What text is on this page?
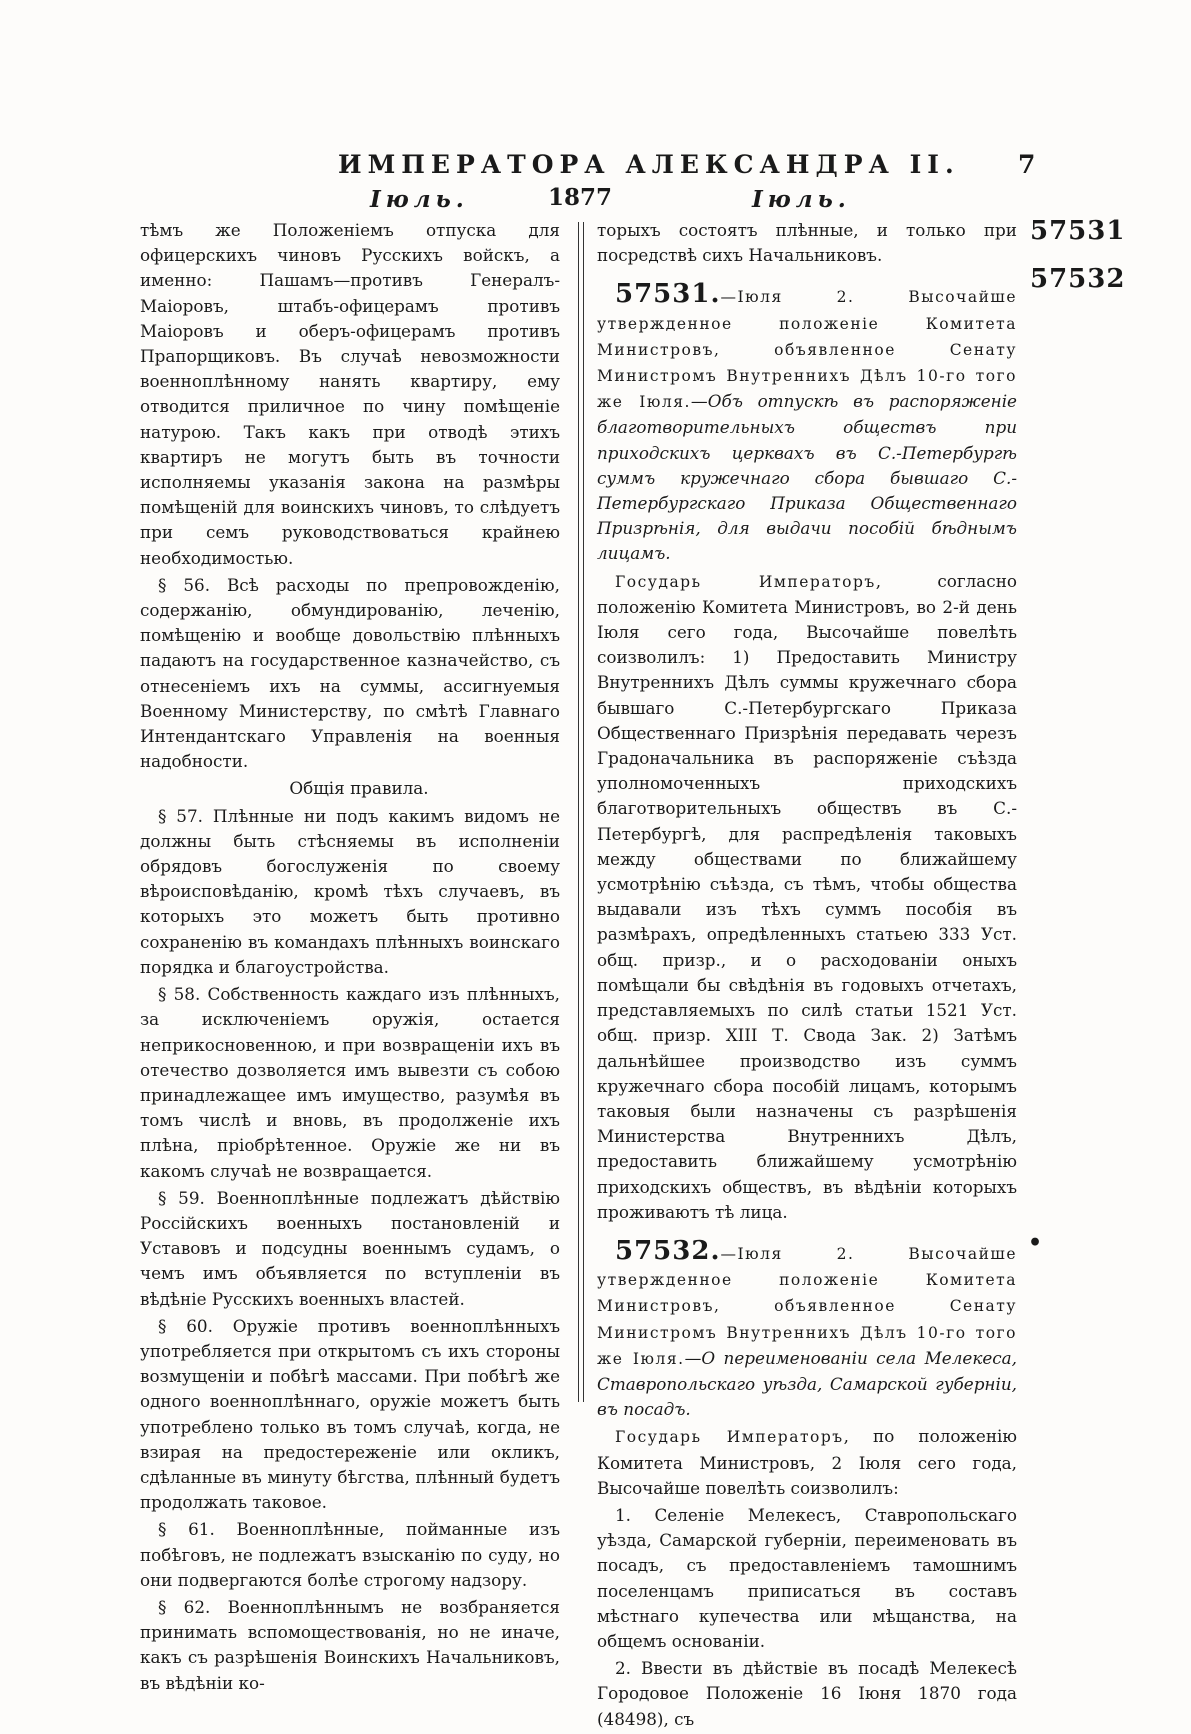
ИМПЕРАТОРА АЛЕКСАНДРА II. 7
Іюль.	1877	Іюль.
57531
57532

тѣмъ же Положеніемъ отпуска для офицерскихъ чиновъ Русскихъ войскъ, а именно: Пашамъ—противъ Генералъ-Маіоровъ, штабъ-офицерамъ противъ Маіоровъ и оберъ-офицерамъ противъ Прапорщиковъ. Въ случаѣ невозможности военноплѣнному нанять квартиру, ему отводится приличное по чину помѣщеніе натурою. Такъ какъ при отводѣ этихъ квартиръ не могутъ быть въ точности исполняемы указанія закона на размѣры помѣщеній для воинскихъ чиновъ, то слѣдуетъ при семъ руководствоваться крайнею необходимостью.

§ 56. Всѣ расходы по препровожденію, содержанію, обмундированію, леченію, помѣщенію и вообще довольствію плѣнныхъ падаютъ на государственное казначейство, съ отнесеніемъ ихъ на суммы, ассигнуемыя Военному Министерству, по смѣтѣ Главнаго Интендантскаго Управленія на военныя надобности.

Общія правила.

§ 57. Плѣнные ни подъ какимъ видомъ не должны быть стѣсняемы въ исполненіи обрядовъ богослуженія по своему вѣроисповѣданію, кромѣ тѣхъ случаевъ, въ которыхъ это можетъ быть противно сохраненію въ командахъ плѣнныхъ воинскаго порядка и благоустройства.

§ 58. Собственность каждаго изъ плѣнныхъ, за исключеніемъ оружія, остается неприкосновенною, и при возвращеніи ихъ въ отечество дозволяется имъ вывезти съ собою принадлежащее имъ имущество, разумѣя въ томъ числѣ и вновь, въ продолженіе ихъ плѣна, пріобрѣтенное. Оружіе же ни въ какомъ случаѣ не возвращается.

§ 59. Военноплѣнные подлежатъ дѣйствію Россійскихъ военныхъ постановленій и Уставовъ и подсудны военнымъ судамъ, о чемъ имъ объявляется по вступленіи въ вѣдѣніе Русскихъ военныхъ властей.

§ 60. Оружіе противъ военноплѣнныхъ употребляется при открытомъ съ ихъ стороны возмущеніи и побѣгѣ массами. При побѣгѣ же одного военноплѣннаго, оружіе можетъ быть употреблено только въ томъ случаѣ, когда, не взирая на предостереженіе или окликъ, сдѣланные въ минуту бѣгства, плѣнный будетъ продолжать таковое.

§ 61. Военноплѣнные, пойманные изъ побѣговъ, не подлежатъ взысканію по суду, но они подвергаются болѣе строгому надзору.

§ 62. Военноплѣннымъ не возбраняется принимать вспомоществованія, но не иначе, какъ съ разрѣшенія Воинскихъ Начальниковъ, въ вѣдѣніи ко-

торыхъ состоятъ плѣнные, и только при посредствѣ сихъ Начальниковъ.

57531.—Іюля 2. Высочайше утвержденное положеніе Комитета Министровъ, объявленное Сенату Министромъ Внутреннихъ Дѣлъ 10-го того же Іюля.—Объ отпускѣ въ распоряженіе благотворительныхъ обществъ при приходскихъ церквахъ въ С.-Петербургѣ суммъ кружечнаго сбора бывшаго С.-Петербургскаго Приказа Общественнаго Призрѣнія, для выдачи пособій бѣднымъ лицамъ.

Государь Императоръ, согласно положенію Комитета Министровъ, во 2-й день Іюля сего года, Высочайше повелѣть соизволилъ: 1) Предоставить Министру Внутреннихъ Дѣлъ суммы кружечнаго сбора бывшаго С.-Петербургскаго Приказа Общественнаго Призрѣнія передавать черезъ Градоначальника въ распоряженіе съѣзда уполномоченныхъ приходскихъ благотворительныхъ обществъ въ С.-Петербургѣ, для распредѣленія таковыхъ между обществами по ближайшему усмотрѣнію съѣзда, съ тѣмъ, чтобы общества выдавали изъ тѣхъ суммъ пособія въ размѣрахъ, опредѣленныхъ статьею 333 Уст. общ. призр., и о расходованіи оныхъ помѣщали бы свѣдѣнія въ годовыхъ отчетахъ, представляемыхъ по силѣ статьи 1521 Уст. общ. призр. XIII Т. Свода Зак. 2) Затѣмъ дальнѣйшее производство изъ суммъ кружечнаго сбора пособій лицамъ, которымъ таковыя были назначены съ разрѣшенія Министерства Внутреннихъ Дѣлъ, предоставить ближайшему усмотрѣнію приходскихъ обществъ, въ вѣдѣніи которыхъ проживаютъ тѣ лица.

57532.—Іюля 2. Высочайше утвержденное положеніе Комитета Министровъ, объявленное Сенату Министромъ Внутреннихъ Дѣлъ 10-го того же Іюля.—О переименованіи села Мелекеса, Ставропольскаго уѣзда, Самарской губерніи, въ посадъ.

Государь Императоръ, по положенію Комитета Министровъ, 2 Іюля сего года, Высочайше повелѣть соизволилъ:

1. Селеніе Мелекесъ, Ставропольскаго уѣзда, Самарской губерніи, переименовать въ посадъ, съ предоставленіемъ тамошнимъ поселенцамъ приписаться въ составъ мѣстнаго купечества или мѣщанства, на общемъ основаніи.

2. Ввести въ дѣйствіе въ посадѣ Мелекесѣ Городовое Положеніе 16 Іюня 1870 года (48498), съ

•
